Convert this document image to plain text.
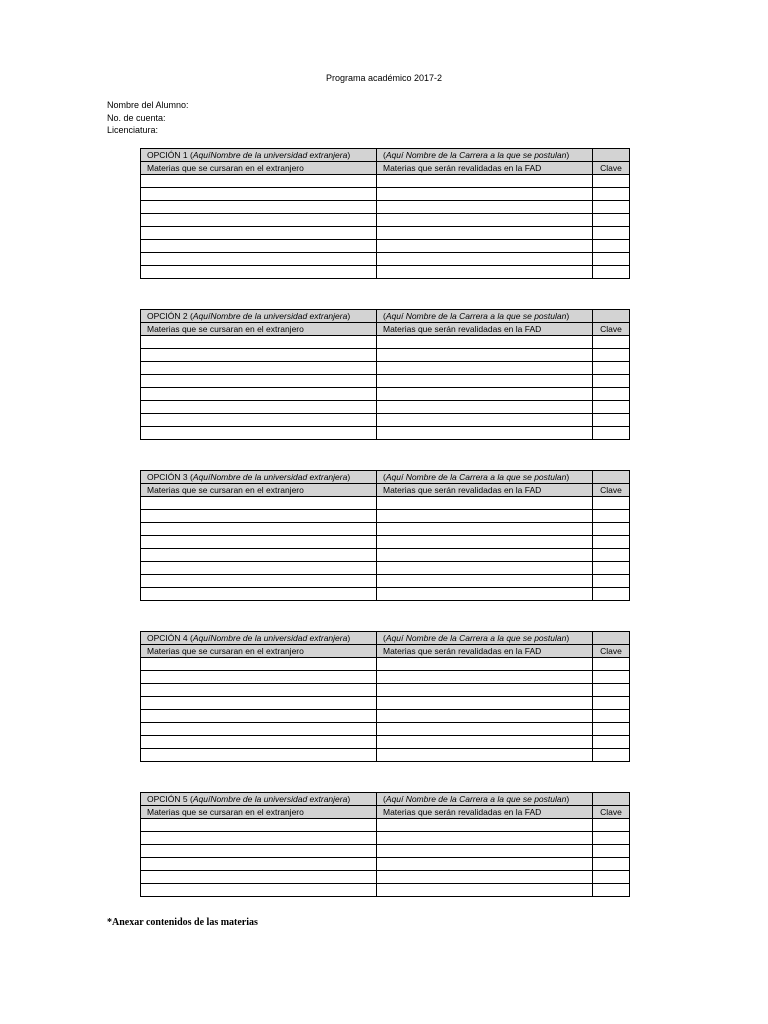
Programa académico 2017-2
Nombre del Alumno:
No. de cuenta:
Licenciatura:
OPCIÓN 1 (AquíNombre de la universidad extranjera)	(Aquí Nombre de la Carrera a la que se postulan)	
Materias que se cursaran en el extranjero	Materias que serán revalidadas en la FAD	Clave

OPCIÓN 2 (AquíNombre de la universidad extranjera)	(Aquí Nombre de la Carrera a la que se postulan)	
Materias que se cursaran en el extranjero	Materias que serán revalidadas en la FAD	Clave

OPCIÓN 3 (AquíNombre de la universidad extranjera)	(Aquí Nombre de la Carrera a la que se postulan)	
Materias que se cursaran en el extranjero	Materias que serán revalidadas en la FAD	Clave

OPCIÓN 4 (AquíNombre de la universidad extranjera)	(Aquí Nombre de la Carrera a la que se postulan)	
Materias que se cursaran en el extranjero	Materias que serán revalidadas en la FAD	Clave

OPCIÓN 5 (AquíNombre de la universidad extranjera)	(Aquí Nombre de la Carrera a la que se postulan)	
Materias que se cursaran en el extranjero	Materias que serán revalidadas en la FAD	Clave

*Anexar contenidos de las materias
